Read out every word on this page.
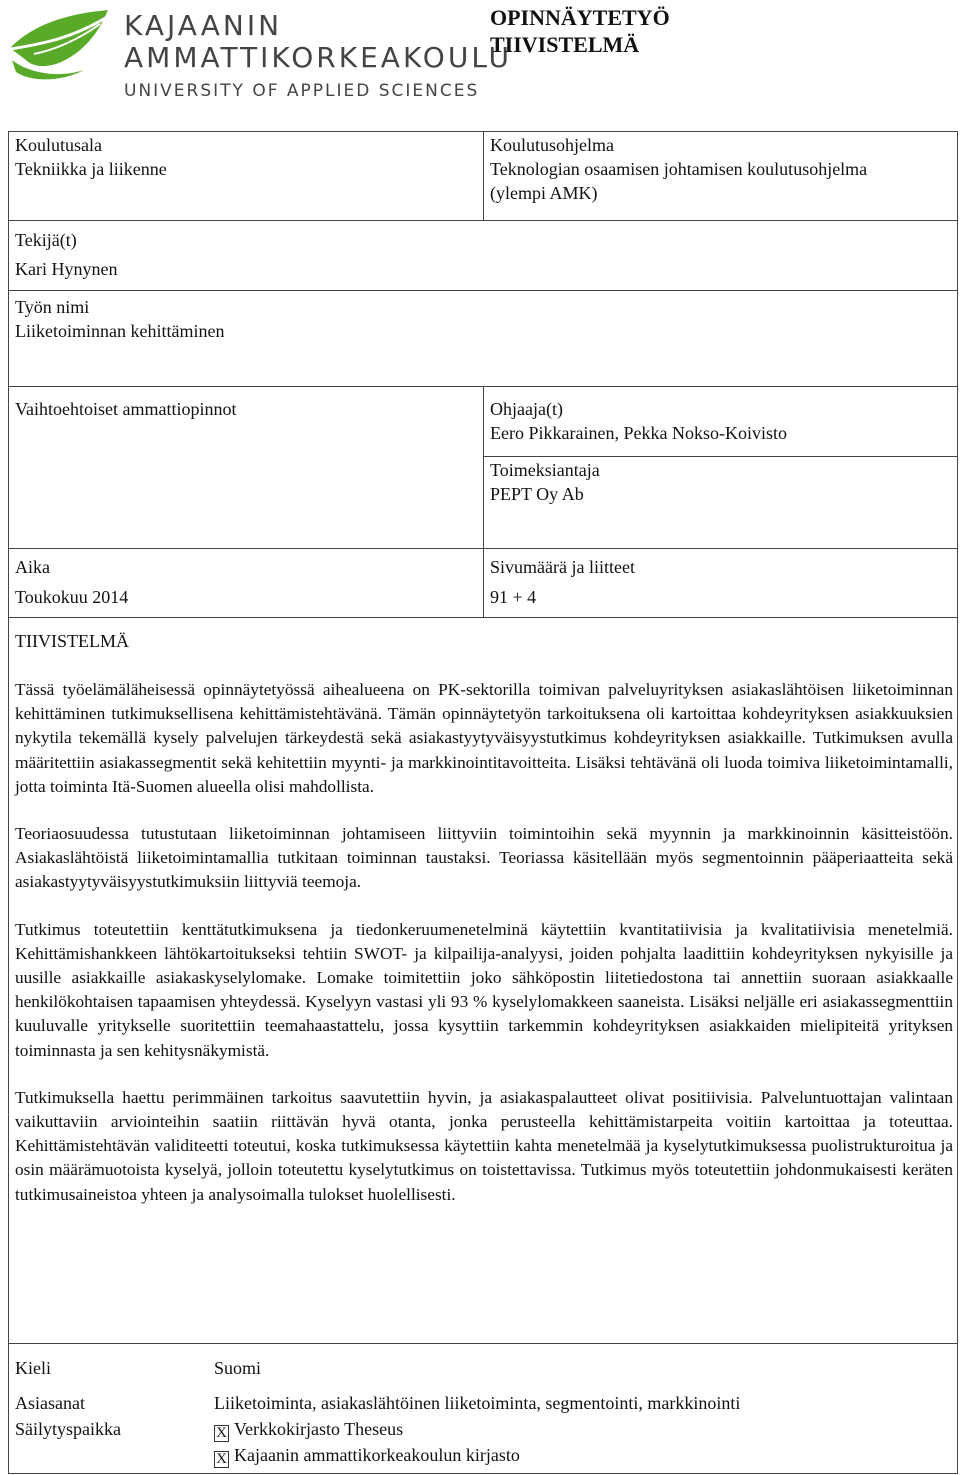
KAJAANIN
AMMATTIKORKEAKOULU
UNIVERSITY OF APPLIED SCIENCES
OPINNÄYTETYÖ
TIIVISTELMÄ
Koulutusala
Tekniikka ja liikenne
Koulutusohjelma
Teknologian osaamisen johtamisen koulutusohjelma
(ylempi AMK)
Tekijä(t)
Kari Hynynen
Työn nimi
Liiketoiminnan kehittäminen
Vaihtoehtoiset ammattiopinnot	Ohjaaja(t)
Eero Pikkarainen, Pekka Nokso-Koivisto
Toimeksiantaja
PEPT Oy Ab
Aika
Toukokuu 2014
Sivumäärä ja liitteet
91 + 4
TIIVISTELMÄ

Tässä työelämäläheisessä opinnäytetyössä aihealueena on PK-sektorilla toimivan palveluyrityksen asiakaslähtöisen liiketoiminnan kehittäminen tutkimuksellisena kehittämistehtävänä. Tämän opinnäytetyön tarkoituksena oli kartoittaa kohdeyrityksen asiakkuuksien nykytila tekemällä kysely palvelujen tärkeydestä sekä asiakastyytyväisyystutkimus kohdeyrityksen asiakkaille. Tutkimuksen avulla määritettiin asiakassegmentit sekä kehitettiin myynti- ja markkinointitavoitteita. Lisäksi tehtävänä oli luoda toimiva liiketoimintamalli, jotta toiminta Itä-Suomen alueella olisi mahdollista.

Teoriaosuudessa tutustutaan liiketoiminnan johtamiseen liittyviin toimintoihin sekä myynnin ja markkinoinnin käsitteistöön. Asiakaslähtöistä liiketoimintamallia tutkitaan toiminnan taustaksi. Teoriassa käsitellään myös segmentoinnin pääperiaatteita sekä asiakastyytyväisyystutkimuksiin liittyviä teemoja.

Tutkimus toteutettiin kenttätutkimuksena ja tiedonkeruumenetelminä käytettiin kvantitatiivisia ja kvalitatiivisia menetelmiä. Kehittämishankkeen lähtökartoitukseksi tehtiin SWOT- ja kilpailija-analyysi, joiden pohjalta laadittiin kohdeyrityksen nykyisille ja uusille asiakkaille asiakaskyselylomake. Lomake toimitettiin joko sähköpostin liitetiedostona tai annettiin suoraan asiakkaalle henkilökohtaisen tapaamisen yhteydessä. Kyselyyn vastasi yli 93 % kyselylomakkeen saaneista. Lisäksi neljälle eri asiakassegmenttiin kuuluvalle yritykselle suoritettiin teemahaastattelu, jossa kysyttiin tarkemmin kohdeyrityksen asiakkaiden mielipiteitä yrityksen toiminnasta ja sen kehitysnäkymistä.

Tutkimuksella haettu perimmäinen tarkoitus saavutettiin hyvin, ja asiakaspalautteet olivat positiivisia. Palveluntuottajan valintaan vaikuttaviin arviointeihin saatiin riittävän hyvä otanta, jonka perusteella kehittämistarpeita voitiin kartoittaa ja toteuttaa. Kehittämistehtävän validiteetti toteutui, koska tutkimuksessa käytettiin kahta menetelmää ja kyselytutkimuksessa puolistrukturoitua ja osin määrämuotoista kyselyä, jolloin toteutettu kyselytutkimus on toistettavissa. Tutkimus myös toteutettiin johdonmukaisesti keräten tutkimusaineistoa yhteen ja analysoimalla tulokset huolellisesti.

Kieli	Suomi
Asiasanat	Liiketoiminta, asiakaslähtöinen liiketoiminta, segmentointi, markkinointi
Säilytyspaikka	X Verkkokirjasto Theseus
X Kajaanin ammattikorkeakoulun kirjasto
